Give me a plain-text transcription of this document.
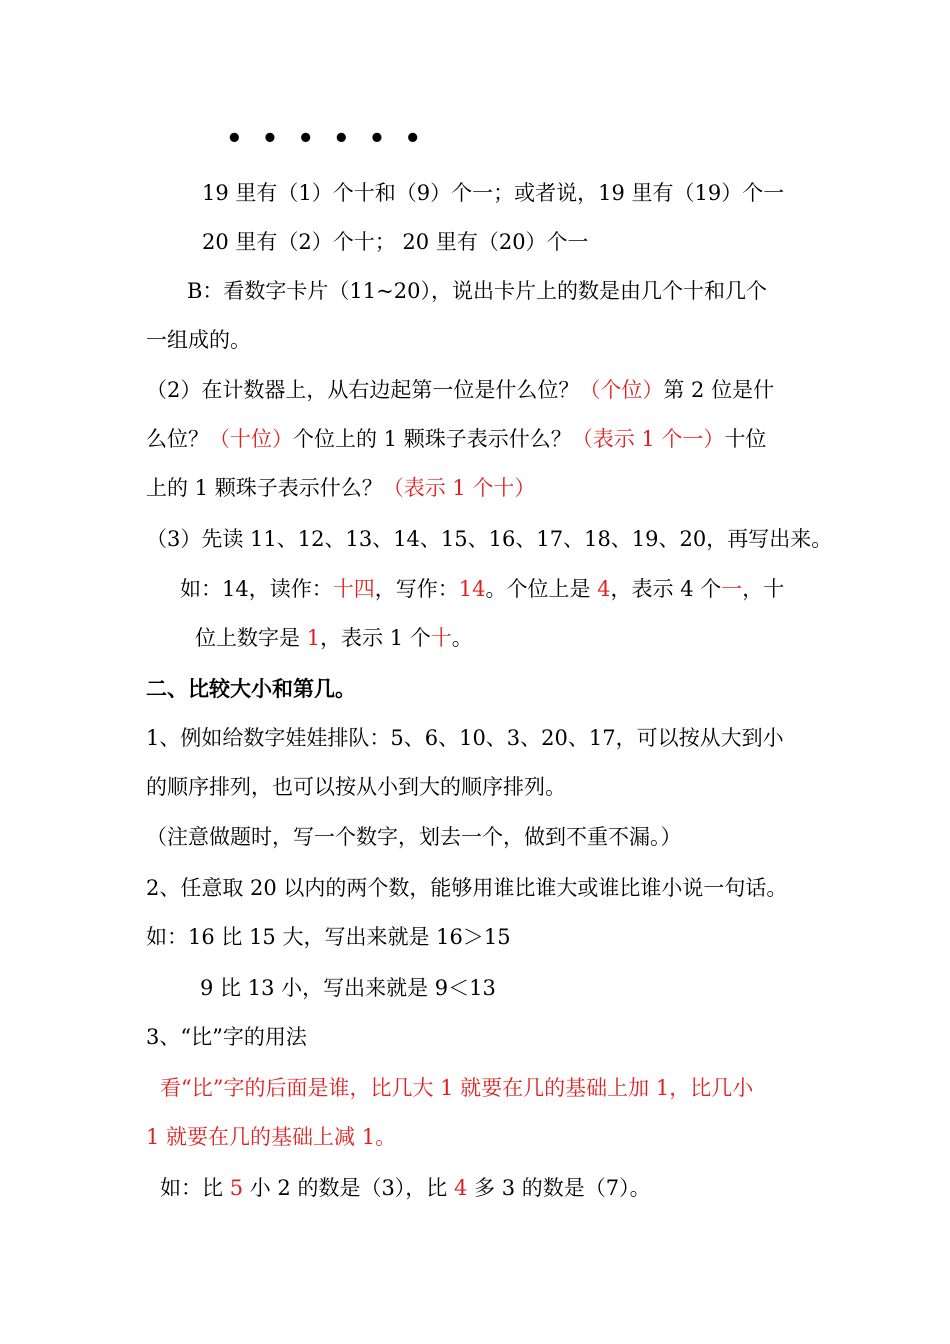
• • • • • •

19 里有（1）个十和（9）个一；或者说，19 里有（19）个一

20 里有（2）个十； 20 里有（20）个一

B：看数字卡片（11~20），说出卡片上的数是由几个十和几个

一组成的。

（2）在计数器上，从右边起第一位是什么位？（个位）第 2 位是什

么位？（十位）个位上的 1 颗珠子表示什么？（表示 1 个一）十位

上的 1 颗珠子表示什么？（表示 1 个十）

（3）先读 11、12、13、14、15、16、17、18、19、20，再写出来。

如：14，读作：十四，写作：14。个位上是 4，表示 4 个一，十

位上数字是 1，表示 1 个十。

二、比较大小和第几。

1、例如给数字娃娃排队：5、6、10、3、20、17，可以按从大到小

的顺序排列，也可以按从小到大的顺序排列。

（注意做题时，写一个数字，划去一个，做到不重不漏。）

2、任意取 20 以内的两个数，能够用谁比谁大或谁比谁小说一句话。

如：16 比 15 大，写出来就是 16＞15

9 比 13 小，写出来就是 9＜13

3、“比”字的用法

看“比”字的后面是谁，比几大 1 就要在几的基础上加 1，比几小

1 就要在几的基础上减 1。

如：比 5 小 2 的数是（3），比 4 多 3 的数是（7）。
